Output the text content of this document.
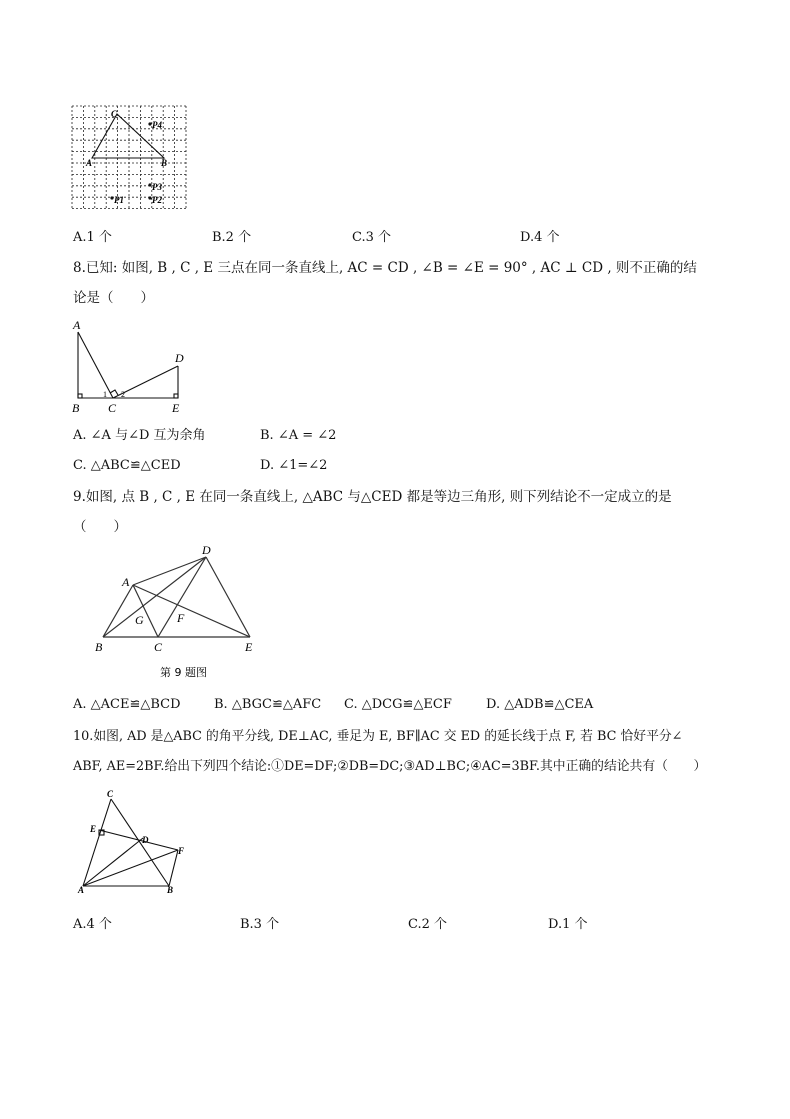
C
A	B
P4
P3
P2
P1
A.1 个	B.2 个	C.3 个	D.4 个
8.已知: 如图, B , C , E 三点在同一条直线上, AC = CD , ∠B = ∠E = 90° , AC ⊥ CD , 则不正确的结
论是（　　）
A
B C
D
E
1 2
A. ∠A 与∠D 互为余角	B. ∠A = ∠2
C. △ABC≌△CED	D. ∠1=∠2
9.如图, 点 B , C , E 在同一条直线上, △ABC 与△CED 都是等边三角形, 则下列结论不一定成立的是
（　　）
D
A
G	F
B	C	E
第 9 题图
A. △ACE≌△BCD	B. △BGC≌△AFC C. △DCG≌△ECF	D. △ADB≌△CEA
10.如图, AD 是△ABC 的角平分线, DE⊥AC, 垂足为 E, BF∥AC 交 ED 的延长线于点 F, 若 BC 恰好平分∠
ABF, AE=2BF.给出下列四个结论:①DE=DF;②DB=DC;③AD⊥BC;④AC=3BF.其中正确的结论共有（　　）
C
E
D
F
A	B
A.4 个	B.3 个	C.2 个	D.1 个
